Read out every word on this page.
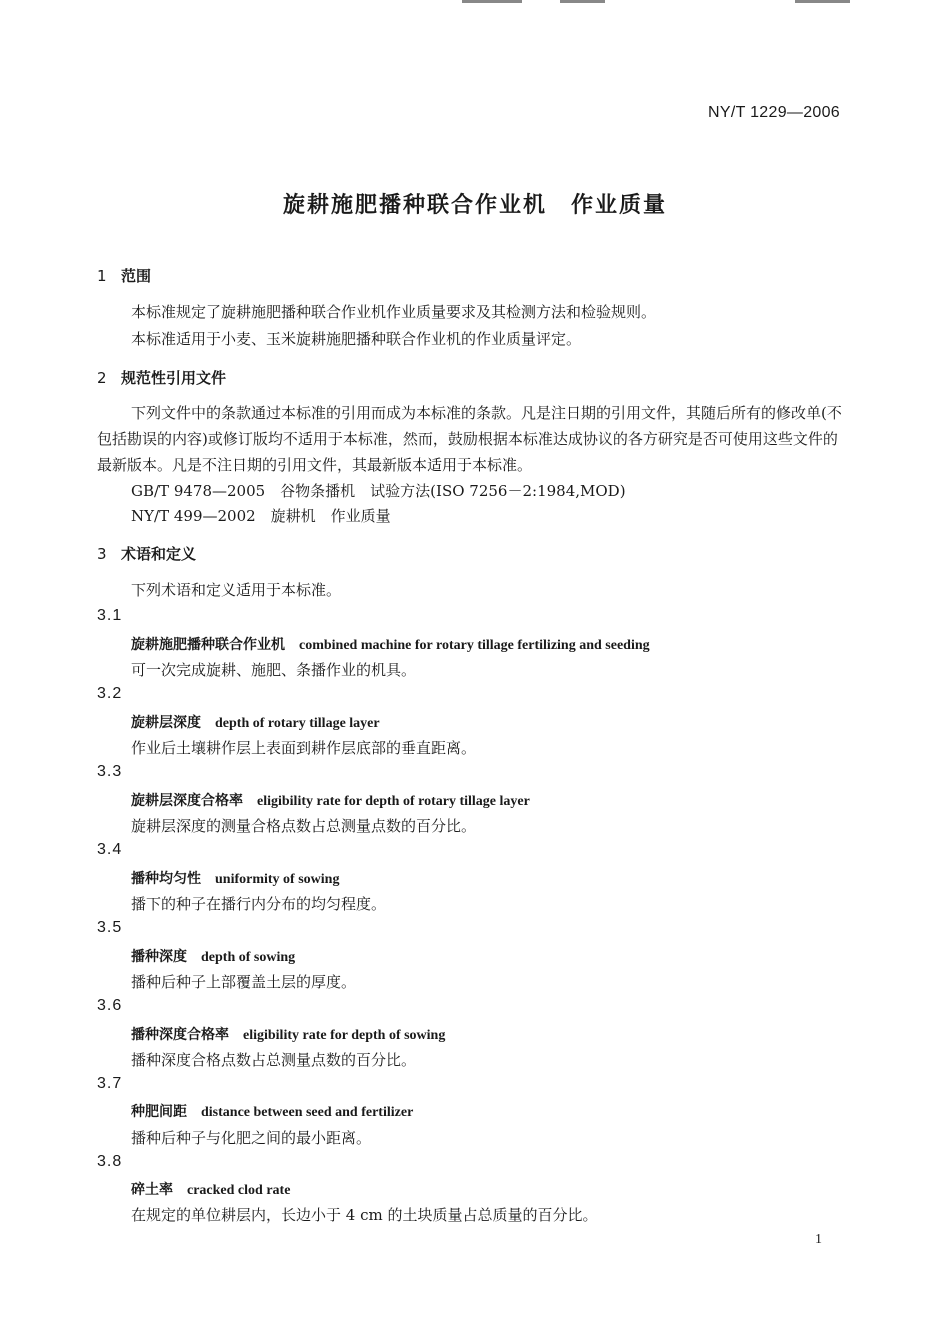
NY/T 1229—2006
旋耕施肥播种联合作业机　作业质量
1 范围
本标准规定了旋耕施肥播种联合作业机作业质量要求及其检测方法和检验规则。
本标准适用于小麦、玉米旋耕施肥播种联合作业机的作业质量评定。
2 规范性引用文件
下列文件中的条款通过本标准的引用而成为本标准的条款。凡是注日期的引用文件，其随后所有的修改单(不包括勘误的内容)或修订版均不适用于本标准，然而，鼓励根据本标准达成协议的各方研究是否可使用这些文件的最新版本。凡是不注日期的引用文件，其最新版本适用于本标准。
GB/T 9478—2005　谷物条播机　试验方法(ISO 7256－2:1984,MOD)
NY/T 499—2002　旋耕机　作业质量
3 术语和定义
下列术语和定义适用于本标准。
3.1
旋耕施肥播种联合作业机 combined machine for rotary tillage fertilizing and seeding
可一次完成旋耕、施肥、条播作业的机具。
3.2
旋耕层深度 depth of rotary tillage layer
作业后土壤耕作层上表面到耕作层底部的垂直距离。
3.3
旋耕层深度合格率 eligibility rate for depth of rotary tillage layer
旋耕层深度的测量合格点数占总测量点数的百分比。
3.4
播种均匀性 uniformity of sowing
播下的种子在播行内分布的均匀程度。
3.5
播种深度 depth of sowing
播种后种子上部覆盖土层的厚度。
3.6
播种深度合格率 eligibility rate for depth of sowing
播种深度合格点数占总测量点数的百分比。
3.7
种肥间距 distance between seed and fertilizer
播种后种子与化肥之间的最小距离。
3.8
碎土率 cracked clod rate
在规定的单位耕层内，长边小于 4 cm 的土块质量占总质量的百分比。
1
